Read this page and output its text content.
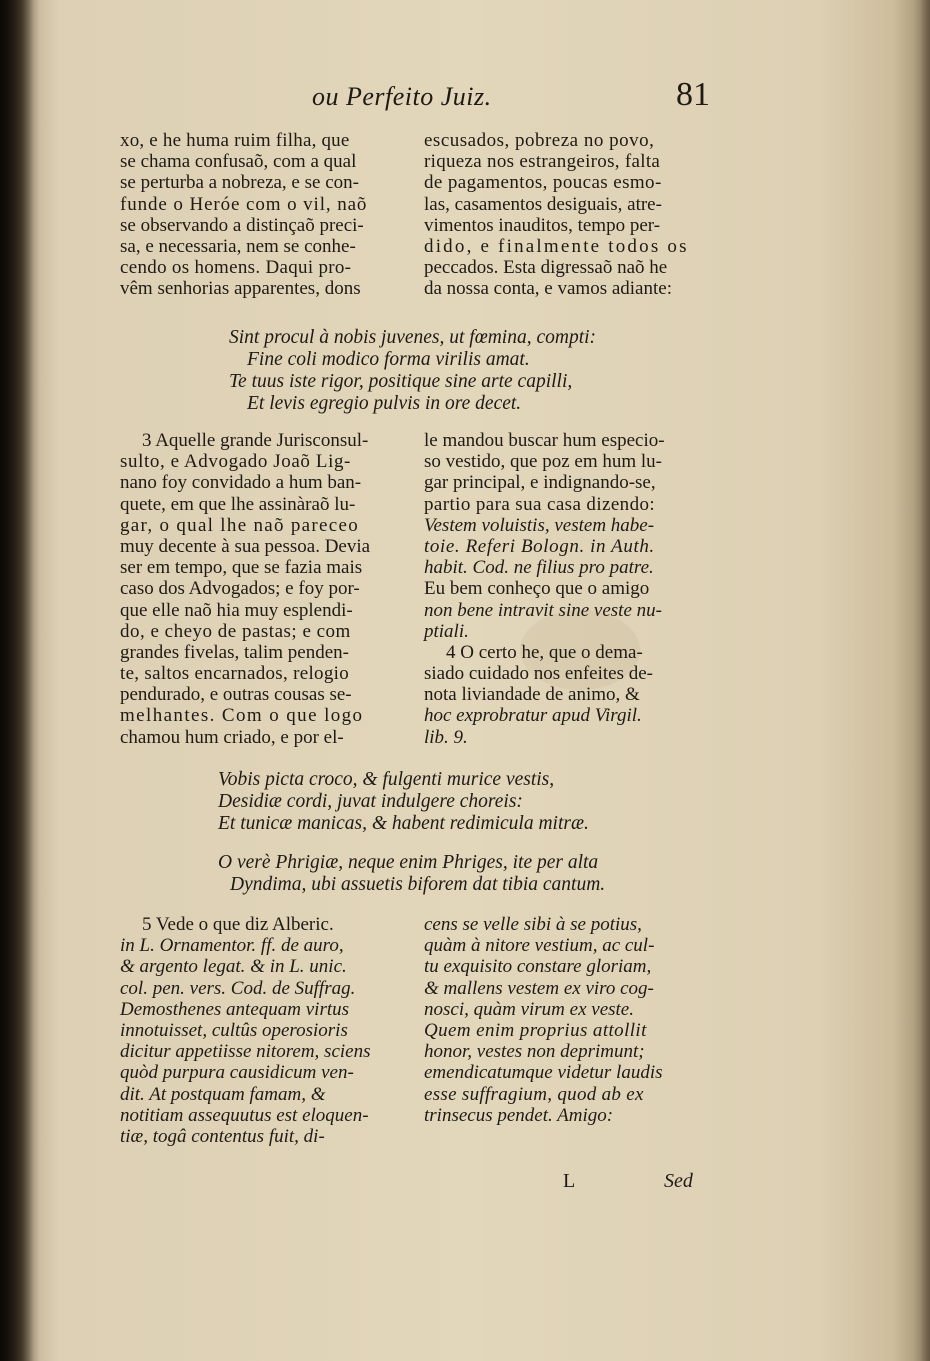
ou Perfeito Juiz.	81
xo, e he huma ruim filha, que
se chama confusaõ, com a qual
se perturba a nobreza, e se con-
funde o Heróe com o vil, naõ
se observando a distinçaõ preci-
sa, e necessaria, nem se conhe-
cendo os homens. Daqui pro-
vêm senhorias apparentes, dons
escusados, pobreza no povo,
riqueza nos estrangeiros, falta
de pagamentos, poucas esmo-
las, casamentos desiguais, atre-
vimentos inauditos, tempo per-
dido, e finalmente todos os
peccados. Esta digressaõ naõ he
da nossa conta, e vamos adiante:
Sint procul à nobis juvenes, ut fœmina, compti:
Fine coli modico forma virilis amat.
Te tuus iste rigor, positique sine arte capilli,
Et levis egregio pulvis in ore decet.
3 Aquelle grande Jurisconsul-
sulto, e Advogado Joaõ Lig-
nano foy convidado a hum ban-
quete, em que lhe assinàraõ lu-
gar, o qual lhe naõ pareceo
muy decente à sua pessoa. Devia
ser em tempo, que se fazia mais
caso dos Advogados; e foy por-
que elle naõ hia muy esplendi-
do, e cheyo de pastas; e com
grandes fivelas, talim penden-
te, saltos encarnados, relogio
pendurado, e outras cousas se-
melhantes. Com o que logo
chamou hum criado, e por el-
le mandou buscar hum especio-
so vestido, que poz em hum lu-
gar principal, e indignando-se,
partio para sua casa dizendo:
Vestem voluistis, vestem habe-
toie. Referi Bologn. in Auth.
habit. Cod. ne filius pro patre.
Eu bem conheço que o amigo
non bene intravit sine veste nu-
ptiali.
4 O certo he, que o dema-
siado cuidado nos enfeites de-
nota liviandade de animo, &
hoc exprobratur apud Virgil.
lib. 9.
Vobis picta croco, & fulgenti murice vestis,
Desidiæ cordi, juvat indulgere choreis:
Et tunicæ manicas, & habent redimicula mitræ.
O verè Phrigiæ, neque enim Phriges, ite per alta
Dyndima, ubi assuetis biforem dat tibia cantum.
5 Vede o que diz Alberic.
in L. Ornamentor. ff. de auro,
& argento legat. & in L. unic.
col. pen. vers. Cod. de Suffrag.
Demosthenes antequam virtus
innotuisset, cultûs operosioris
dicitur appetiisse nitorem, sciens
quòd purpura causidicum ven-
dit. At postquam famam, &
notitiam assequutus est eloquen-
tiæ, togâ contentus fuit, di-
cens se velle sibi à se potius,
quàm à nitore vestium, ac cul-
tu exquisito constare gloriam,
& mallens vestem ex viro cog-
nosci, quàm virum ex veste.
Quem enim proprius attollit
honor, vestes non deprimunt;
emendicatumque videtur laudis
esse suffragium, quod ab ex
trinsecus pendet. Amigo:
L	Sed
